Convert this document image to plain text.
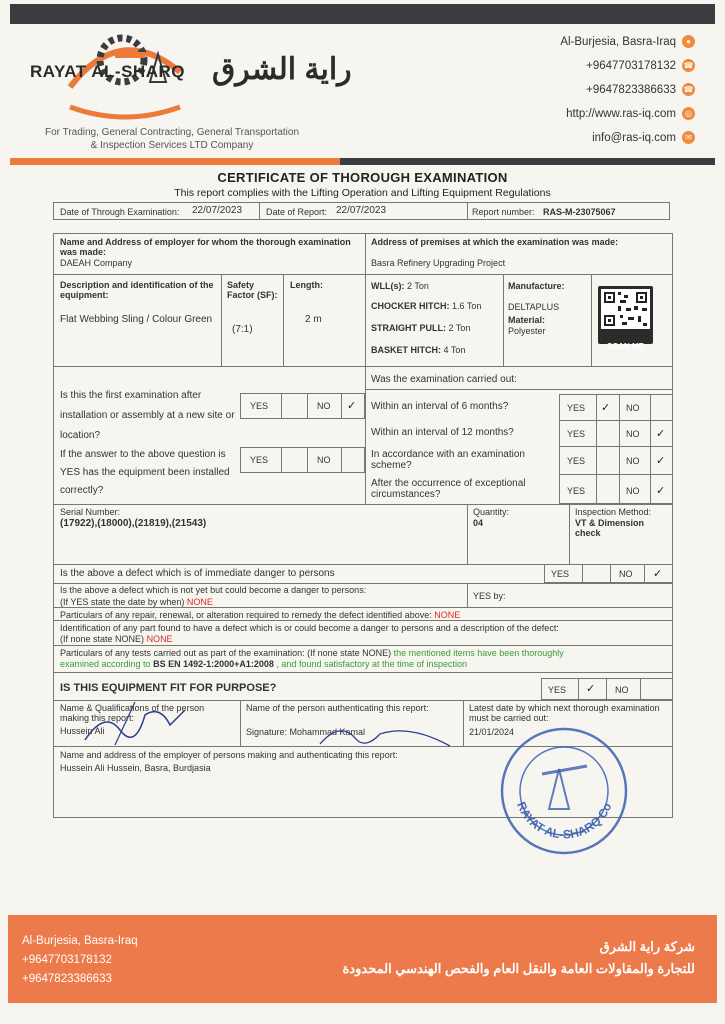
RAYAT AL-SHARQ راية الشرق
For Trading, General Contracting, General Transportation
& Inspection Services LTD Company
Al-Burjesia, Basra-Iraq	●
+9647703178132 ☎
+9647823386633 ☎
http://www.ras-iq.com	◎
info@ras-iq.com	✉
CERTIFICATE OF THOROUGH EXAMINATION
This report complies with the Lifting Operation and Lifting Equipment Regulations
Date of Through Examination: 22/07/2023	Date of Report: 22/07/2023	Report number: RAS-M-23075067
Name and Address of employer for whom the thorough examination was made:
DAEAH Company
Address of premises at which the examination was made:
Basra Refinery Upgrading Project
Description and identification of the equipment:
Flat Webbing Sling / Colour Green
Safety Factor (SF):
(7:1)
Length:
2 m
WLL(s): 2 Ton
CHOCKER HITCH: 1.6 Ton
STRAIGHT PULL: 2 Ton
BASKET HITCH: 4 Ton
Manufacture:
DELTAPLUS
Material:
Polyester
SCAN ME
Is this the first examination after installation or assembly at a new site or location?
If the answer to the above question is YES has the equipment been installed correctly?
YES	NO ✓
YES	NO
Was the examination carried out:
Within an interval of 6 months?	YES ✓ NO
Within an interval of 12 months?	YES	NO ✓
In accordance with an examination scheme?	YES	NO ✓
After the occurrence of exceptional circumstances?	YES	NO ✓
Serial Number:
(17922),(18000),(21819),(21543)
Quantity:
04
Inspection Method:
VT & Dimension check
Is the above a defect which is of immediate danger to persons	YES	NO ✓
Is the above a defect which is not yet but could become a danger to persons:
(If YES state the date by when) NONE
YES by:
Particulars of any repair, renewal, or alteration required to remedy the defect identified above: NONE
Identification of any part found to have a defect which is or could become a danger to persons and a description of the defect:
(If none state NONE) NONE
Particulars of any tests carried out as part of the examination: (If none state NONE) the mentioned items have been thoroughly
examined according to BS EN 1492-1:2000+A1:2008 , and found satisfactory at the time of inspection
IS THIS EQUIPMENT FIT FOR PURPOSE?	YES ✓ NO
Name & Qualifications of the person making this report:
Hussein Ali
Name of the person authenticating this report:
Signature: Mohammad Kamal
Latest date by which next thorough examination must be carried out:
21/01/2024
Name and address of the employer of persons making and authenticating this report:
Hussein Ali Hussein, Basra, Burdjasia
RAYAT AL-SHARQ Co
Al-Burjesia, Basra-Iraq
+9647703178132
+9647823386633
شركة راية الشرق
للتجارة والمقاولات العامة والنقل العام والفحص الهندسي المحدودة
